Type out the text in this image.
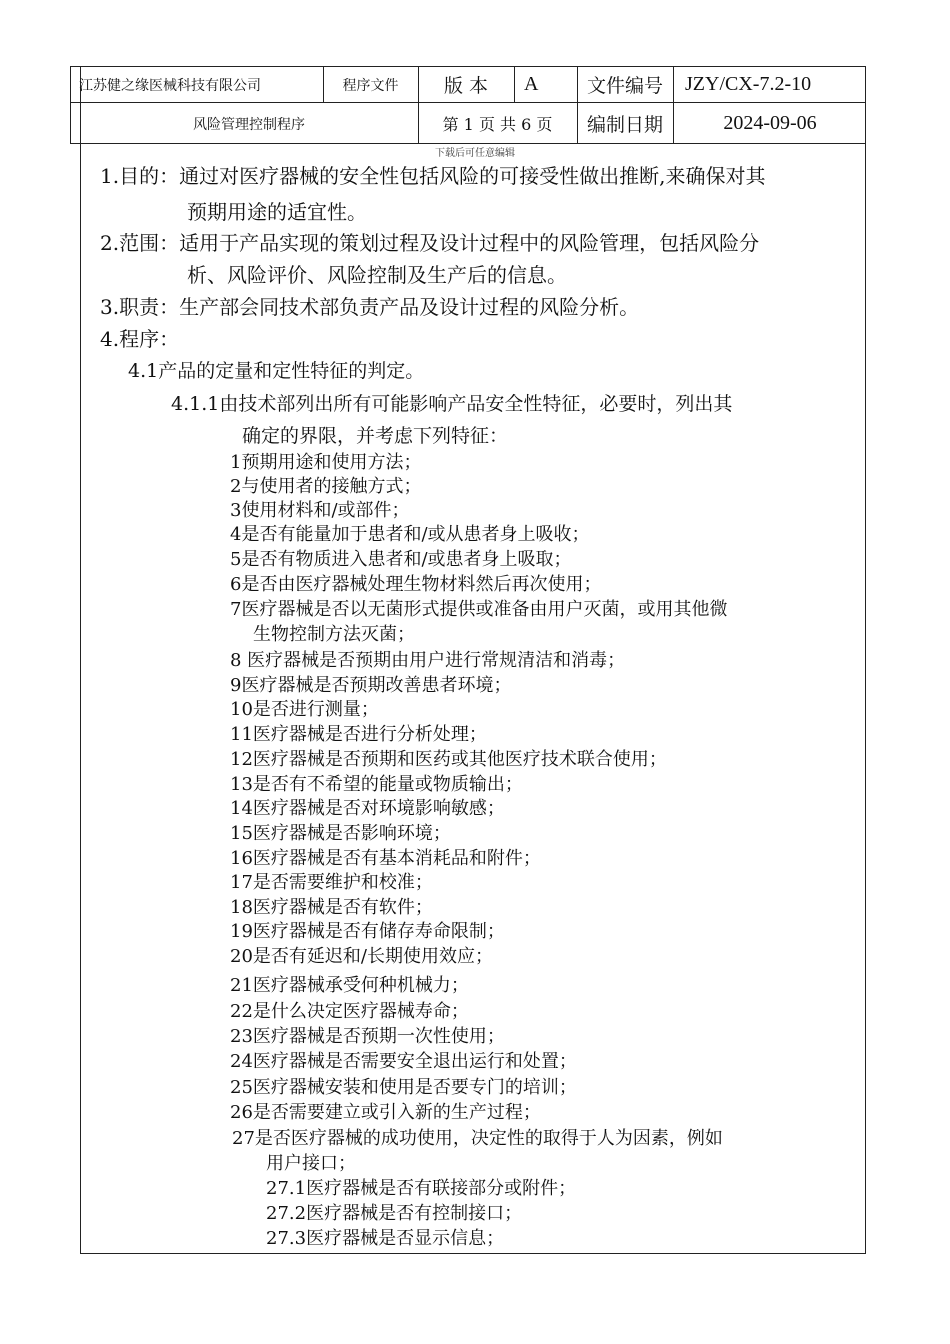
江苏健之缘医械科技有限公司	程序文件	版 本	A	文件编号	JZY/CX-7.2-10
风险管理控制程序	第 1 页 共 6 页	编制日期	2024-09-06
下载后可任意编辑
1.目的：通过对医疗器械的安全性包括风险的可接受性做出推断,来确保对其
预期用途的适宜性。
2.范围：适用于产品实现的策划过程及设计过程中的风险管理，包括风险分
析、风险评价、风险控制及生产后的信息。
3.职责：生产部会同技术部负责产品及设计过程的风险分析。
4.程序：
4.1产品的定量和定性特征的判定。
4.1.1由技术部列出所有可能影响产品安全性特征，必要时，列出其
确定的界限，并考虑下列特征：
1预期用途和使用方法；
2与使用者的接触方式；
3使用材料和/或部件；
4是否有能量加于患者和/或从患者身上吸收；
5是否有物质进入患者和/或患者身上吸取；
6是否由医疗器械处理生物材料然后再次使用；
7医疗器械是否以无菌形式提供或准备由用户灭菌，或用其他微
生物控制方法灭菌；
8 医疗器械是否预期由用户进行常规清洁和消毒；
9医疗器械是否预期改善患者环境；
10是否进行测量；
11医疗器械是否进行分析处理；
12医疗器械是否预期和医药或其他医疗技术联合使用；
13是否有不希望的能量或物质输出；
14医疗器械是否对环境影响敏感；
15医疗器械是否影响环境；
16医疗器械是否有基本消耗品和附件；
17是否需要维护和校准；
18医疗器械是否有软件；
19医疗器械是否有储存寿命限制；
20是否有延迟和/长期使用效应；
21医疗器械承受何种机械力；
22是什么决定医疗器械寿命；
23医疗器械是否预期一次性使用；
24医疗器械是否需要安全退出运行和处置；
25医疗器械安装和使用是否要专门的培训；
26是否需要建立或引入新的生产过程；
27是否医疗器械的成功使用，决定性的取得于人为因素，例如
用户接口；
27.1医疗器械是否有联接部分或附件；
27.2医疗器械是否有控制接口；
27.3医疗器械是否显示信息；
